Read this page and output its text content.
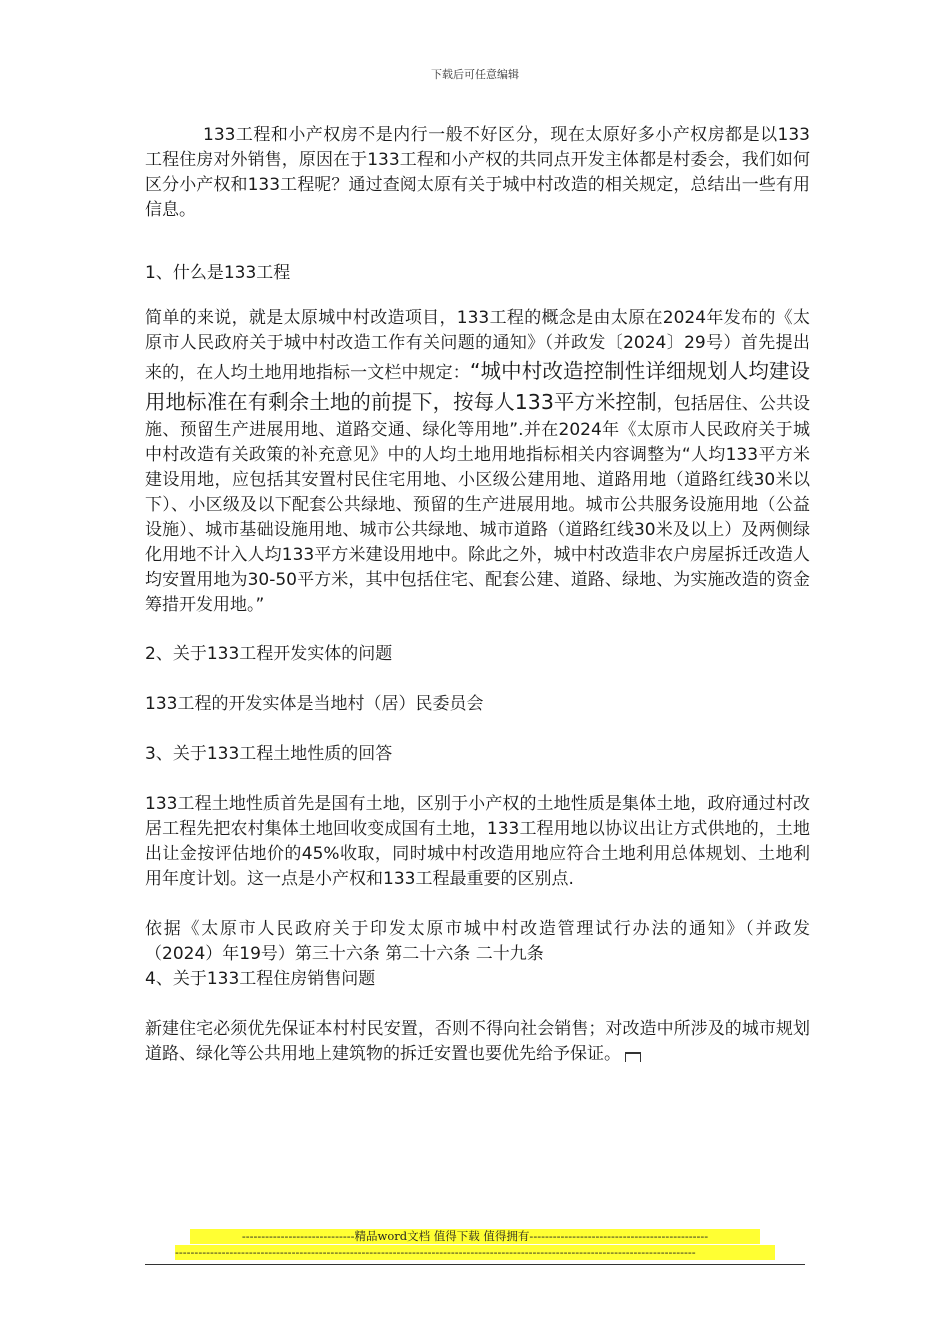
下载后可任意编辑

133工程和小产权房不是内行一般不好区分，现在太原好多小产权房都是以133工程住房对外销售，原因在于133工程和小产权的共同点开发主体都是村委会，我们如何区分小产权和133工程呢？通过查阅太原有关于城中村改造的相关规定，总结出一些有用信息。

1、什么是133工程

简单的来说，就是太原城中村改造项目，133工程的概念是由太原在2024年发布的《太原市人民政府关于城中村改造工作有关问题的通知》（并政发〔2024〕29号）首先提出来的，在人均土地用地指标一文栏中规定：“城中村改造控制性详细规划人均建设用地标准在有剩余土地的前提下，按每人133平方米控制，包括居住、公共设施、预留生产进展用地、道路交通、绿化等用地”.并在2024年《太原市人民政府关于城中村改造有关政策的补充意见》中的人均土地用地指标相关内容调整为“人均133平方米建设用地，应包括其安置村民住宅用地、小区级公建用地、道路用地（道路红线30米以下）、小区级及以下配套公共绿地、预留的生产进展用地。城市公共服务设施用地（公益设施）、城市基础设施用地、城市公共绿地、城市道路（道路红线30米及以上）及两侧绿化用地不计入人均133平方米建设用地中。除此之外，城中村改造非农户房屋拆迁改造人均安置用地为30-50平方米，其中包括住宅、配套公建、道路、绿地、为实施改造的资金筹措开发用地。”

2、关于133工程开发实体的问题

133工程的开发实体是当地村（居）民委员会

3、关于133工程土地性质的回答

133工程土地性质首先是国有土地，区别于小产权的土地性质是集体土地，政府通过村改居工程先把农村集体土地回收变成国有土地，133工程用地以协议出让方式供地的，土地出让金按评估地价的45%收取，同时城中村改造用地应符合土地利用总体规划、土地利用年度计划。这一点是小产权和133工程最重要的区别点.

依据《太原市人民政府关于印发太原市城中村改造管理试行办法的通知》（并政发（2024）年19号）第三十六条 第二十六条 二十九条

4、关于133工程住房销售问题

新建住宅必须优先保证本村村民安置，否则不得向社会销售；对改造中所涉及的城市规划道路、绿化等公共用地上建筑物的拆迁安置也要优先给予保证。

-----------------------------精品word文档 值得下载 值得拥有----------------------------------------------
--------------------------------------------------------------------------------------------------------------------------------------
